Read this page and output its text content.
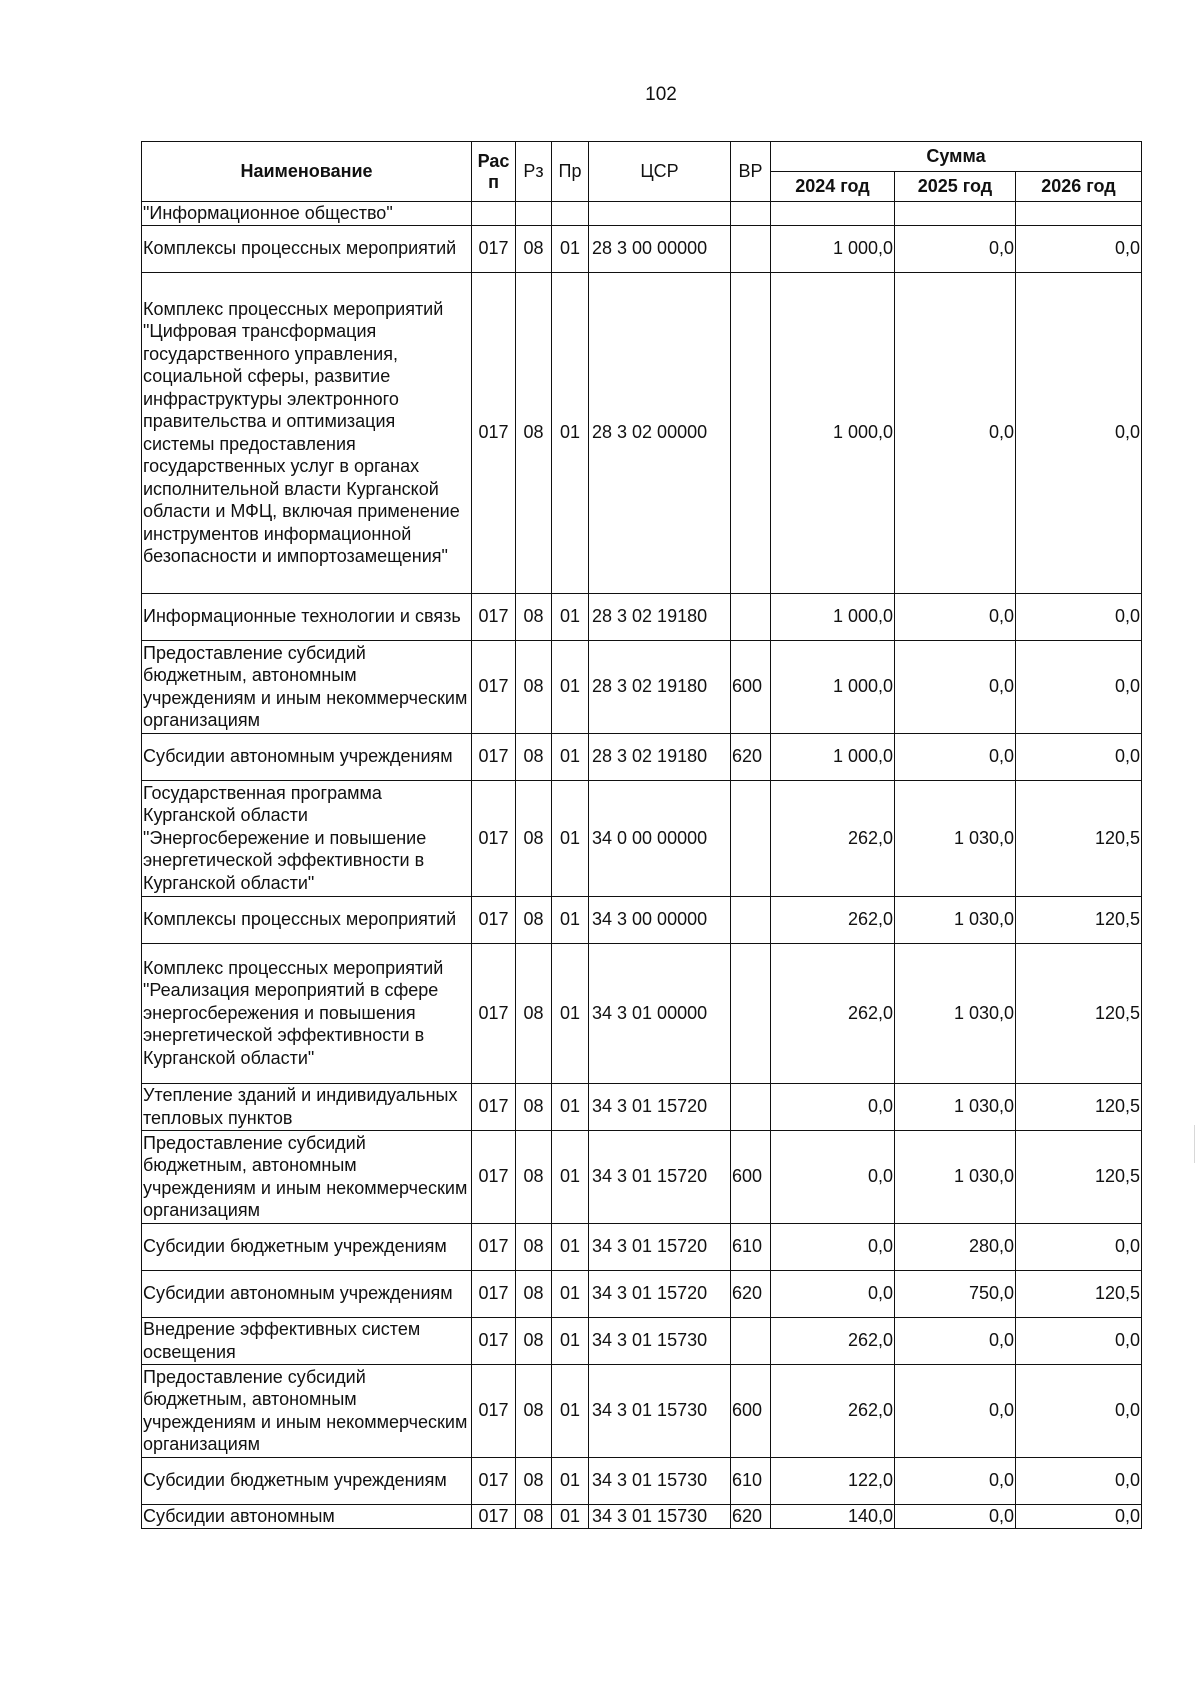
102
Наименование	Рас п	Рз	Пр	ЦСР	ВР	Сумма		
						2024 год	2025 год	2026 год
"Информационное общество"								
Комплексы процессных мероприятий	017	08	01	28 3 00 00000		1 000,0	0,0	0,0
Комплекс процессных мероприятий "Цифровая трансформация государственного управления, социальной сферы, развитие инфраструктуры электронного правительства и оптимизация системы предоставления государственных услуг в органах исполнительной власти Курганской области и МФЦ, включая применение инструментов информационной безопасности и импортозамещения"	017	08	01	28 3 02 00000		1 000,0	0,0	0,0
Информационные технологии и связь	017	08	01	28 3 02 19180		1 000,0	0,0	0,0
Предоставление субсидий бюджетным, автономным учреждениям и иным некоммерческим организациям	017	08	01	28 3 02 19180	600	1 000,0	0,0	0,0
Субсидии автономным учреждениям	017	08	01	28 3 02 19180	620	1 000,0	0,0	0,0
Государственная программа Курганской области "Энергосбережение и повышение энергетической эффективности в Курганской области"	017	08	01	34 0 00 00000		262,0	1 030,0	120,5
Комплексы процессных мероприятий	017	08	01	34 3 00 00000		262,0	1 030,0	120,5
Комплекс процессных мероприятий "Реализация мероприятий в сфере энергосбережения и повышения энергетической эффективности в Курганской области"	017	08	01	34 3 01 00000		262,0	1 030,0	120,5
Утепление зданий и индивидуальных тепловых пунктов	017	08	01	34 3 01 15720		0,0	1 030,0	120,5
Предоставление субсидий бюджетным, автономным учреждениям и иным некоммерческим организациям	017	08	01	34 3 01 15720	600	0,0	1 030,0	120,5
Субсидии бюджетным учреждениям	017	08	01	34 3 01 15720	610	0,0	280,0	0,0
Субсидии автономным учреждениям	017	08	01	34 3 01 15720	620	0,0	750,0	120,5
Внедрение эффективных систем освещения	017	08	01	34 3 01 15730		262,0	0,0	0,0
Предоставление субсидий бюджетным, автономным учреждениям и иным некоммерческим организациям	017	08	01	34 3 01 15730	600	262,0	0,0	0,0
Субсидии бюджетным учреждениям	017	08	01	34 3 01 15730	610	122,0	0,0	0,0
Субсидии автономным	017	08	01	34 3 01 15730	620	140,0	0,0	0,0
